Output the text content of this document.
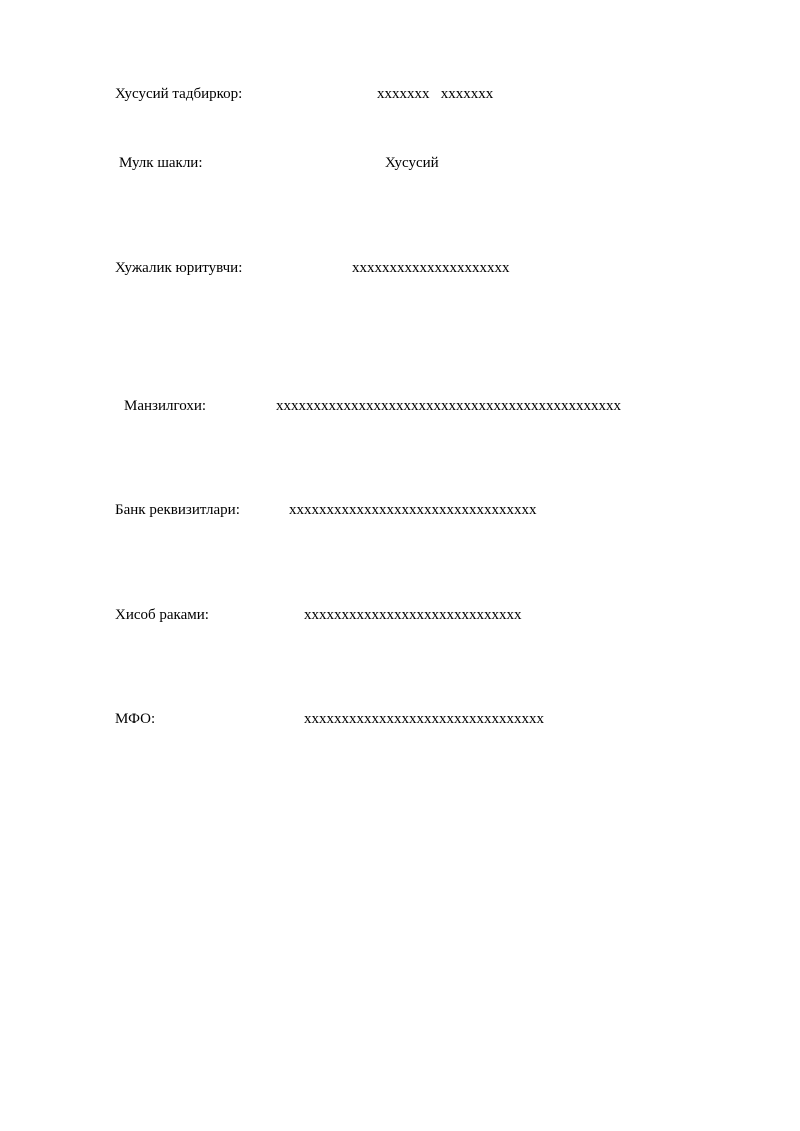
Хусусий тадбиркор:	xxxxxxx   xxxxxxx
Мулк шакли:	Хусусий
Хужалик юритувчи:	xxxxxxxxxxxxxxxxxxxxx
Манзилгохи:	xxxxxxxxxxxxxxxxxxxxxxxxxxxxxxxxxxxxxxxxxxxxxx
Банк реквизитлари:	xxxxxxxxxxxxxxxxxxxxxxxxxxxxxxxxx
Хисоб раками:	xxxxxxxxxxxxxxxxxxxxxxxxxxxxx
МФО:	xxxxxxxxxxxxxxxxxxxxxxxxxxxxxxxx
